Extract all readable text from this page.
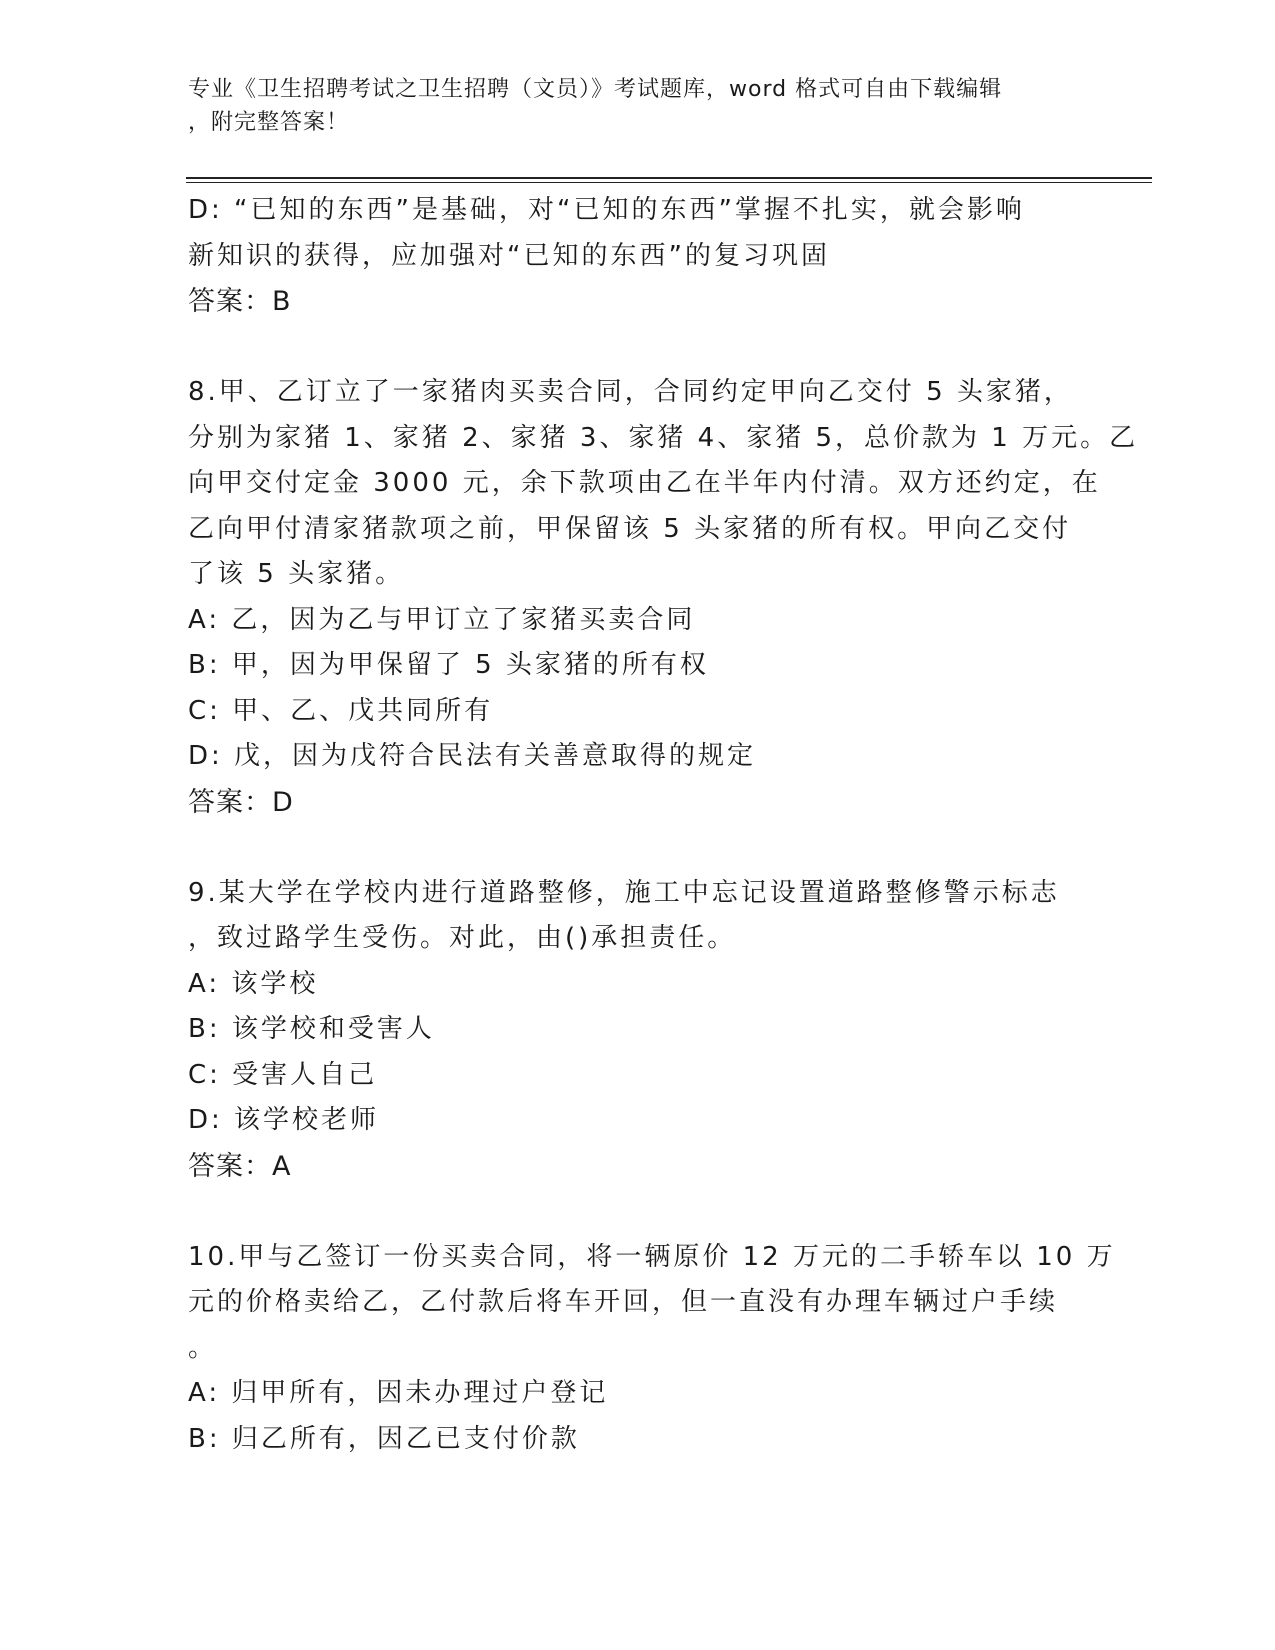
专业《卫生招聘考试之卫生招聘（文员）》考试题库，word 格式可自由下载编辑
，附完整答案！
D: “已知的东西”是基础，对“已知的东西”掌握不扎实，就会影响
新知识的获得，应加强对“已知的东西”的复习巩固
答案：B
8.甲、乙订立了一家猪肉买卖合同，合同约定甲向乙交付 5 头家猪，
分别为家猪 1、家猪 2、家猪 3、家猪 4、家猪 5，总价款为 1 万元。乙
向甲交付定金 3000 元，余下款项由乙在半年内付清。双方还约定，在
乙向甲付清家猪款项之前，甲保留该 5 头家猪的所有权。甲向乙交付
了该 5 头家猪。
A: 乙，因为乙与甲订立了家猪买卖合同
B: 甲，因为甲保留了 5 头家猪的所有权
C: 甲、乙、戊共同所有
D: 戊，因为戊符合民法有关善意取得的规定
答案：D
9.某大学在学校内进行道路整修，施工中忘记设置道路整修警示标志
，致过路学生受伤。对此，由()承担责任。
A: 该学校
B: 该学校和受害人
C: 受害人自己
D: 该学校老师
答案：A
10.甲与乙签订一份买卖合同，将一辆原价 12 万元的二手轿车以 10 万
元的价格卖给乙，乙付款后将车开回，但一直没有办理车辆过户手续
。
A: 归甲所有，因未办理过户登记
B: 归乙所有，因乙已支付价款
